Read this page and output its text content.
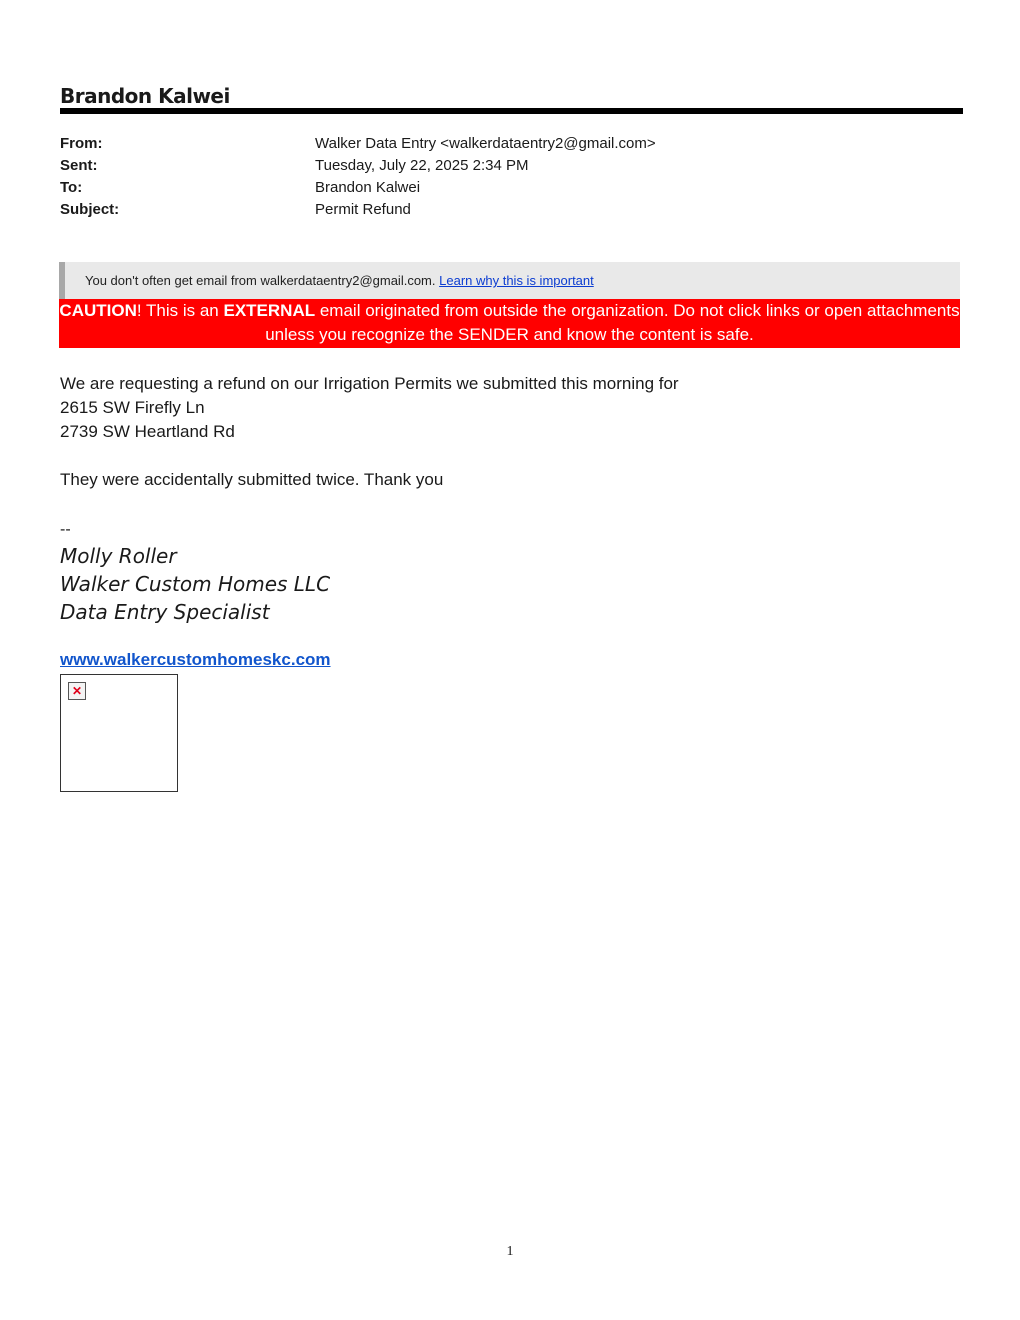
Brandon Kalwei
From:	Walker Data Entry <walkerdataentry2@gmail.com>
Sent:	Tuesday, July 22, 2025 2:34 PM
To:	Brandon Kalwei
Subject:	Permit Refund
You don't often get email from walkerdataentry2@gmail.com. Learn why this is important
CAUTION! This is an EXTERNAL email originated from outside the organization. Do not click links or open attachments unless you recognize the SENDER and know the content is safe.

We are requesting a refund on our Irrigation Permits we submitted this morning for

2615 SW Firefly Ln

2739 SW Heartland Rd

They were accidentally submitted twice. Thank you

--
Molly Roller
Walker Custom Homes LLC
Data Entry Specialist
www.walkercustomhomeskc.com
✕
1
